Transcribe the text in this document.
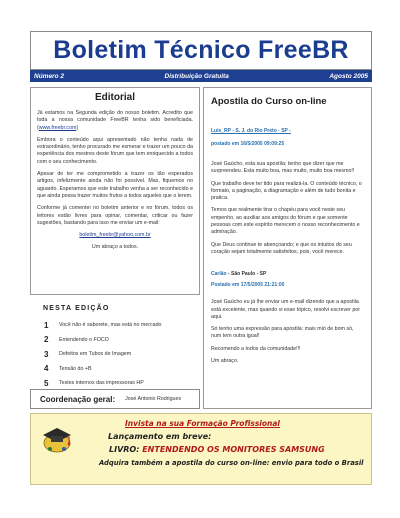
Boletim Técnico FreeBR
Número 2	Distribuição Gratuita	Agosto 2005
Editorial

Já estamos na Segunda edição do nosso boletim. Acredito que toda a nossa comunidade FreeBR tenha sido beneficiada. (www.freebr.com)

Embora o conteúdo aqui apresentado não tenha nada de extraordinário, tenho procurado me esmerar e trazer um pouco da experiência dos mestres deste fórum que tem enriquecido a todos com o seu conhecimento.

Apesar de ter me comprometido a trazer os tão esperados artigos, infelizmente ainda não foi possível. Mas, fiquemos no aguardo. Esperamos que este trabalho venha a ser reconhecido e que ainda possa trazer muitos frutos a todos aqueles que o lerem.

Conforme já comentei no boletim anterior e no fórum, todos os leitores estão livres para opinar, comentar, criticar ou fazer sugestões, bastando para isso me enviar um e-mail:

boletim_freebr@yahoo.com.br

Um abraço a todos.

NESTA EDIÇÃO
1	Você não é saborete, mas está no mercado
2	Entendendo o FOCO
3	Defeitos em Tubos de Imagem
4	Tensão do +B
5	Testes internos das impressoras HP
Coordenação geral: José Antonio Rodrigues
Apostila do Curso on-line
Luis_RP - S. J. do Rio Preto - SP -
postado em 16/5/2005 09:09:25

José Gaúcho, esta sua apostila; tenho que dizer que me surpreendeu. Esta muito boa, mas muito, muito boa mesmo!!

Que trabalho deve ter tido para realizá-la. O conteúdo técnico, o formato, a paginação, a diagramação e além de tudo bonita e pratica.

Temos que realmente tirar o chapéu para você neste seu empenho, ao auxiliar aos amigos do fórum e que somente pessoas com este espírito merecem o nosso reconhecimento e admiração.

Que Deus continue te abençoando; e que os intuitos do seu coração sejam totalmente satisfeitos, pois, você merece.

Carlão - São Paulo - SP
Postado em 17/5/2005 21:21:00

José Gaúcho eu já lhe enviar um e-mail dizendo que a apostila está excelente, mas quando vi esse tópico, resolvi escrever por aqui.

Só tenho uma expressão para apostila: mais mió de bom só, num tem outra igual!

Recomendo a todos da comunidade!!!

Um abraço.

Invista na sua Formação Profissional
Lançamento em breve:
LIVRO: ENTENDENDO OS MONITORES SAMSUNG
Adquira também a apostila do curso on-line: envio para todo o Brasil
